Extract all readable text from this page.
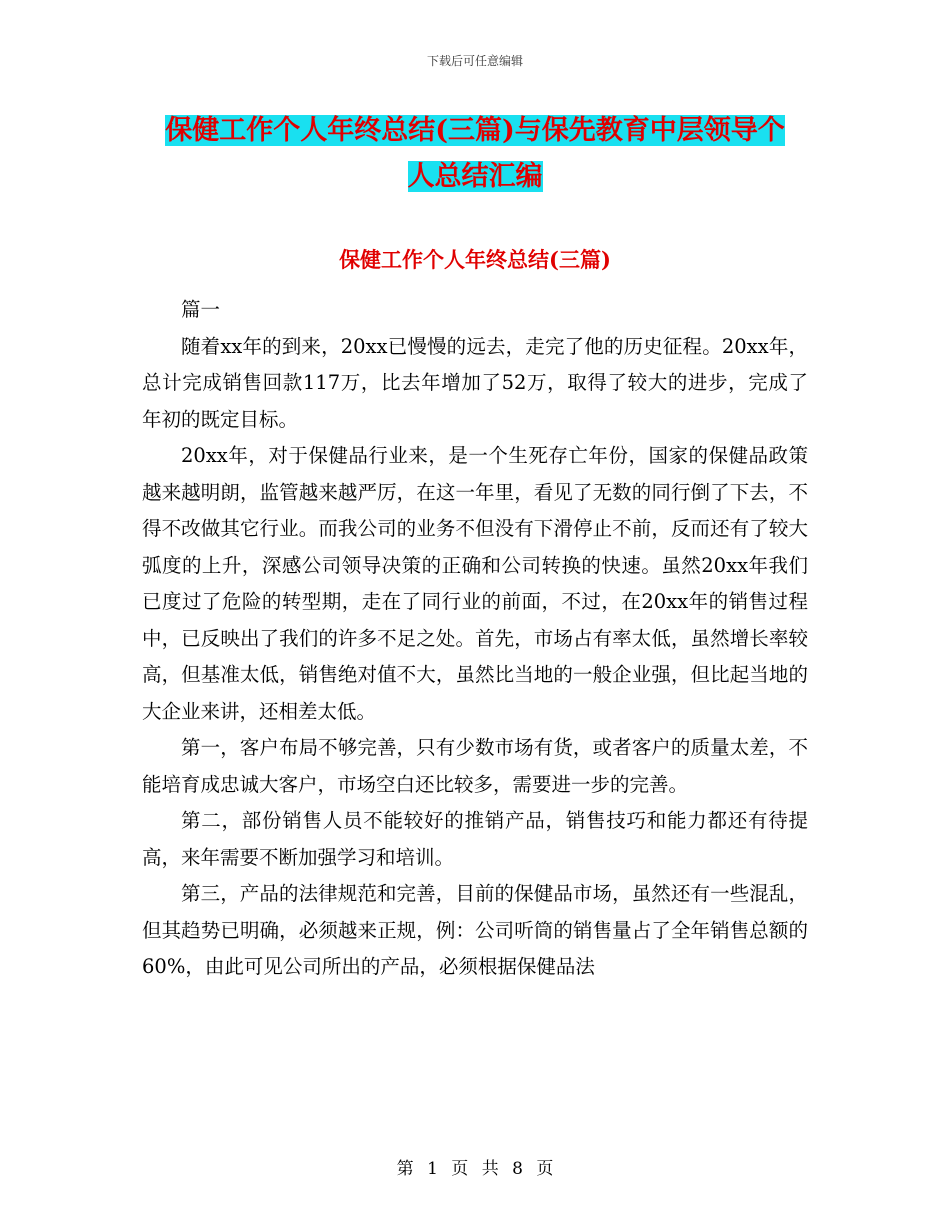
下载后可任意编辑
保健工作个人年终总结(三篇)与保先教育中层领导个
人总结汇编
保健工作个人年终总结(三篇)

篇一

随着xx年的到来，20xx已慢慢的远去，走完了他的历史征程。20xx年，总计完成销售回款117万，比去年增加了52万，取得了较大的进步，完成了年初的既定目标。

20xx年，对于保健品行业来，是一个生死存亡年份，国家的保健品政策越来越明朗，监管越来越严厉，在这一年里，看见了无数的同行倒了下去，不得不改做其它行业。而我公司的业务不但没有下滑停止不前，反而还有了较大弧度的上升，深感公司领导决策的正确和公司转换的快速。虽然20xx年我们已度过了危险的转型期，走在了同行业的前面，不过，在20xx年的销售过程中，已反映出了我们的许多不足之处。首先，市场占有率太低，虽然增长率较高，但基准太低，销售绝对值不大，虽然比当地的一般企业强，但比起当地的大企业来讲，还相差太低。

第一，客户布局不够完善，只有少数市场有货，或者客户的质量太差，不能培育成忠诚大客户，市场空白还比较多，需要进一步的完善。

第二，部份销售人员不能较好的推销产品，销售技巧和能力都还有待提高，来年需要不断加强学习和培训。

第三，产品的法律规范和完善，目前的保健品市场，虽然还有一些混乱，但其趋势已明确，必须越来正规，例：公司听筒的销售量占了全年销售总额的60%，由此可见公司所出的产品，必须根据保健品法

第 1 页 共 8 页
